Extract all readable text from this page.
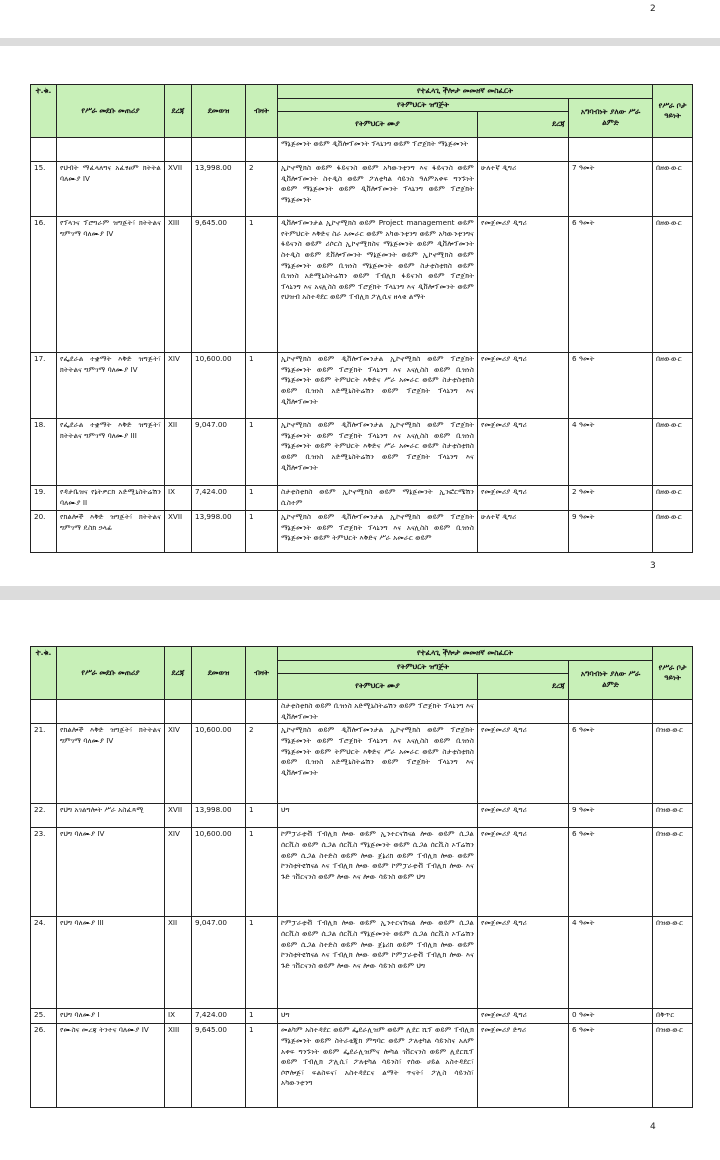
2
ተ.ቁ.	የሥራ መደቡ መጠሪያ	ደረጃ	ደመወዝ	ብዛት	የተፈላጊ ችሎታ መመዘኛ መስፈርት			የሥራ ቦታ ዓይነት
					የትምህርት ዝግጅት		አግባብነት ያለው ሥራ ልምድ	
					የትምህርት ሙያ	ደረጃ		
					ማኔጅመንት ወይም ዲቨሎፕመንት ፕላኒንግ ወይም ፕሮጀክት ማኔጅመንት			
15.	የህብት ማፈላለግና አፈፃፀም ክትትል ባለሙያ IV	XVII	13,998.00	2	ኢኮኖሚክስ ወይም ፋይናንስ ወይም አካውንቲንግ እና ፋይናንስ ወይም ዲቨሎፕመንት ስተዲስ ወይም ፖለቲካል ሳይንስ ዓለምአቀፍ ግንኙነት ወይም ማኔጅመንት ወይም ዲቨሎፕመንት ፕላኒንግ ወይም ፕሮጀክት ማኔጅመንት	ሁለተኛ ዲግሪ	7 ዓመት	በዘውውር
16.	የፕላንና ፕሮግራም ዝግጅት፣ ክትትልና ግምገማ ባለሙያ IV	XIII	9,645.00	1	ዲቨሎፕመንታል ኢኮኖሚክስ ወይም Project management ወይም የትምህርት እቅድና ስራ አመራር ወይም አካውንቲንግ ወይም አካውንቲንግና ፋይናንስ ወይም ሪሶርስ ኢኮኖሚክስና ማኔጅመንት ወይም ዲቨሎፕመንት ስተዲስ ወይም ዴቨሎፕመንት ማኔጅመንት ወይም ኢኮኖሚክስ ወይም ማኔጅመንት ወይም ቢዝነስ ማኔጅመንት ወይም ስታቲስቲክስ ወይም ቢዝነስ አድሚኒስትሬሽን ወይም ፐብሊክ ፋይናንስ ወይም ፕሮጀክት ፕላኒንግ እና አናሊስስ ወይም ፕሮጀክት ፕላኒንግ እና ዲቨሎፕመንት ወይም የህዝብ አስተዳደር ወይም ፐብሊክ ፖሊሲና ዘላቂ ልማት	የመጀመሪያ ዲግሪ	6 ዓመት	በዘውውር
17.	የፌደራል ተቋማት እቅድ ዝግጅት፣ ክትትልና ግምገማ ባለሙያ IV	XIV	10,600.00	1	ኢኮኖሚክስ ወይም ዲቨሎፕመንታል ኢኮኖሚክስ ወይም ፕሮጀክት ማኔጅመንት ወይም ፕሮጀክት ፕላኒንግ እና አናሊስስ ወይም ቢዝነስ ማኔጅመንት ወይም ትምህርት እቅድና ሥራ አመራር ወይም ስታቲስቲክስ ወይም ቢዝነስ አድሚኒስትሬሽን ወይም ፕሮጀክት ፕላኒንግ እና ዲቨሎፕመንት	የመጀመሪያ ዲግሪ	6 ዓመት	በዘውውር
18.	የፌደራል ተቋማት እቅድ ዝግጅት፣ ክትትልና ግምገማ ባለሙያ III	XII	9,047.00	1	ኢኮኖሚክስ ወይም ዲቨሎፕመንታል ኢኮኖሚክስ ወይም ፕሮጀክት ማኔጅመንት ወይም ፕሮጀክት ፕላኒንግ እና አናሊስስ ወይም ቢዝነስ ማኔጅመንት ወይም ትምህርት እቅድና ሥራ አመራር ወይም ስታቲስቲክስ ወይም ቢዝነስ አድሚኒስትሬሽን ወይም ፕሮጀክት ፕላኒንግ እና ዲቨሎፕመንት	የመጀመሪያ ዲግሪ	4 ዓመት	በዘውውር
19.	የዳታቤዝና የኔትዎርክ አድሚኒስትሬሽን ባለሙያ II	IX	7,424.00	1	ስታቲስቲክስ ወይም ኢኮኖሚክስ ወይም ማኔጅመንት ኢንፎርሜሽን ሲስተም	የመጀመሪያ ዲግሪ	2 ዓመት	በዘውውር
20.	የክልሎች እቅድ ዝግጅት፣ ክትትልና ግምገማ ዴስክ ኃላፊ	XVII	13,998.00	1	ኢኮኖሚክስ ወይም ዲቨሎፕመንታል ኢኮኖሚክስ ወይም ፕሮጀክት ማኔጅመንት ወይም ፕሮጀክት ፕላኒንግ እና አናሊስስ ወይም ቢዝነስ ማኔጅመንት ወይም ትምህርት እቅድና ሥራ አመራር ወይም	ሁለተኛ ዲግሪ	9 ዓመት	በዘውውር
3
ተ.ቁ.	የሥራ መደቡ መጠሪያ	ደረጃ	ደመወዝ	ብዛት	የተፈላጊ ችሎታ መመዘኛ መስፈርት			የሥራ ቦታ ዓይነት
					የትምህርት ዝግጅት		አግባብነት ያለው ሥራ ልምድ	
					የትምህርት ሙያ	ደረጃ		
					ስታቲስቲክስ ወይም ቢዝነስ አድሚኒስትሬሽን ወይም ፕሮጀክት ፕላኒንግ እና ዲቨሎፕመንት			
21.	የክልሎች እቅድ ዝግጅት፣ ክትትልና ግምገማ ባለሙያ IV	XIV	10,600.00	2	ኢኮኖሚክስ ወይም ዲቨሎፕመንታል ኢኮኖሚክስ ወይም ፕሮጀክት ማኔጅመንት ወይም ፕሮጀክት ፕላኒንግ እና አናሊስስ ወይም ቢዝነስ ማኔጅመንት ወይም ትምህርት እቅድና ሥራ አመራር ወይም ስታቲስቲክስ ወይም ቢዝነስ አድሚኒስትሬሽን ወይም ፕሮጀክት ፕላኒንግ እና ዲቨሎፕመንት	የመጀመሪያ ዲግሪ	6 ዓመት	በዝውውር
22.	የህግ አገልግሎት ሥራ አስፈጻሚ	XVII	13,998.00	1	ህግ	የመጀመሪያ ዲግሪ	9 ዓመት	በዝውውር
23.	የህግ ባለሙያ IV	XIV	10,600.00	1	ኮምፓራቲቭ ፐብሊክ ሎው ወይም ኢንተርናሽናል ሎው ወይም ሲጋል ሰርቪስ ወይም ሲጋል ሰርቪስ ማኔጅመንት ወይም ሲጋል ሰርቪስ ኦፕሬሽን ወይም ሲጋል ስተድስ ወይም ሎው ጀኔሪክ ወይም ፐብሊክ ሎው ወይም ኮንስቲትዩሽናል እና ፐብሊክ ሎው ወይም ኮምፓራቲቭ ፐብሊክ ሎው እና ጉድ ገቨርናንስ ወይም ሎው እና ሎው ሳይንስ ወይም ህግ	የመጀመሪያ ዲግሪ	6 ዓመት	በዝውውር
24.	የህግ ባለሙያ III	XII	9,047.00	1	ኮምፓራቲቭ ፐብሊክ ሎው ወይም ኢንተርናሽናል ሎው ወይም ሲጋል ሰርቪስ ወይም ሲጋል ሰርቪስ ማኔጅመንት ወይም ሲጋል ሰርቪስ ኦፕሬሽን ወይም ሲጋል ስተድስ ወይም ሎው ጀኔሪክ ወይም ፐብሊክ ሎው ወይም ኮንስቲትዩሽናል እና ፐብሊክ ሎው ወይም ኮምፓራቲቭ ፐብሊክ ሎው እና ጉድ ገቨርናንስ ወይም ሎው እና ሎው ሳይንስ ወይም ህግ	የመጀመሪያ ዲግሪ	4 ዓመት	በዝውውር
25.	የህግ ባለሙያ I	IX	7,424.00	1	ህግ	የመጀመሪያ ዲግሪ	0 ዓመት	በቅጥር
26.	የሙስና መረጃ ትንተና ባለሙያ IV	XIII	9,645.00	1	መልካም አስተዳደር ወይም ፌደራሊዝም ወይም ሊደር ሺፕ ወይም ፐብሊክ ማኔጅመንት ወይም ስትራቴጂክ ምግባር ወይም ፖለቲካል ሳይንስና አለም አቀፍ ግንኙነት ወይም ፌደራሊዝምና ሎካል ገቨርናንስ ወይም ሊደርሺፕ ወይም ፐብሊክ ፖሊሲ፣ ፖለቲካል ሳይንስ፣ የሰው ሀይል አስተዳደር፣ ሶሾሎጅ፣ ፍልስፍና፣ አስተዳደርና ልማት ጥናት፣ ፖሊስ ሳይንስ፣ አካውንቲንግ	የመጀመሪያ ድግሪ	6 ዓመት	በዝውውር
4
